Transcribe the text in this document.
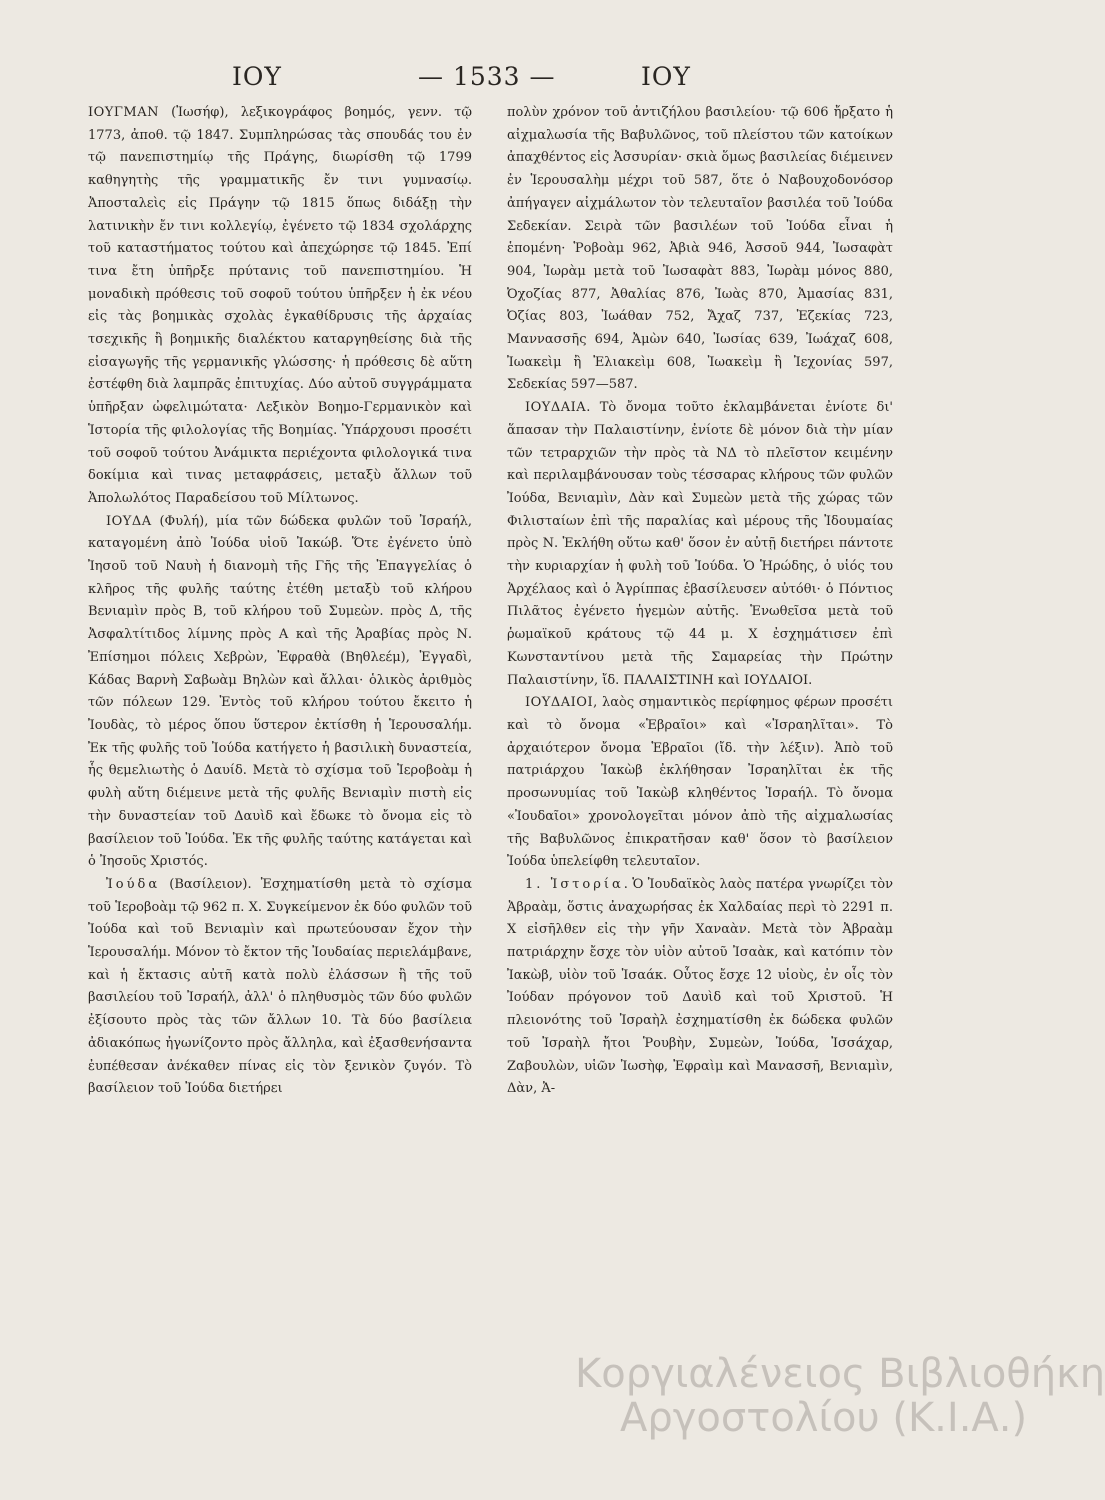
ΙΟΥ	— 1533 —	ΙΟΥ

ΙΟΥΓΜΑΝ (Ἰωσήφ), λεξικογράφος βοημός, γενν. τῷ 1773, ἀποθ. τῷ 1847. Συμπληρώσας τὰς σπουδάς του ἐν τῷ πανεπιστημίῳ τῆς Πράγης, διωρίσθη τῷ 1799 καθηγητὴς τῆς γραμματικῆς ἔν τινι γυμνασίῳ. Ἀποσταλεὶς εἰς Πράγην τῷ 1815 ὅπως διδάξῃ τὴν λατινικὴν ἔν τινι κολλεγίῳ, ἐγένετο τῷ 1834 σχολάρχης τοῦ καταστήματος τούτου καὶ ἀπεχώρησε τῷ 1845. Ἐπί τινα ἔτη ὑπῆρξε πρύτανις τοῦ πανεπιστημίου. Ἡ μοναδικὴ πρόθεσις τοῦ σοφοῦ τούτου ὑπῆρξεν ἡ ἐκ νέου εἰς τὰς βοημικὰς σχολὰς ἐγκαθίδρυσις τῆς ἀρχαίας τσεχικῆς ἢ βοημικῆς διαλέκτου καταργηθείσης διὰ τῆς εἰσαγωγῆς τῆς γερμανικῆς γλώσσης· ἡ πρόθεσις δὲ αὕτη ἐστέφθη διὰ λαμπρᾶς ἐπιτυχίας. Δύο αὐτοῦ συγγράμματα ὑπῆρξαν ὠφελιμώτατα· Λεξικὸν Βοημο-Γερμανικὸν καὶ Ἱστορία τῆς φιλολογίας τῆς Βοημίας. Ὑπάρχουσι προσέτι τοῦ σοφοῦ τούτου Ἀνάμικτα περιέχοντα φιλολογικά τινα δοκίμια καὶ τινας μεταφράσεις, μεταξὺ ἄλλων τοῦ Ἀπολωλότος Παραδείσου τοῦ Μίλτωνος.

ΙΟΥΔΑ (Φυλή), μία τῶν δώδεκα φυλῶν τοῦ Ἰσραήλ, καταγομένη ἀπὸ Ἰούδα υἱοῦ Ἰακώβ. Ὅτε ἐγένετο ὑπὸ Ἰησοῦ τοῦ Ναυὴ ἡ διανομὴ τῆς Γῆς τῆς Ἐπαγγελίας ὁ κλῆρος τῆς φυλῆς ταύτης ἐτέθη μεταξὺ τοῦ κλήρου Βενιαμὶν πρὸς Β, τοῦ κλήρου τοῦ Συμεὼν. πρὸς Δ, τῆς Ἀσφαλτίτιδος λίμνης πρὸς Α καὶ τῆς Ἀραβίας πρὸς Ν. Ἐπίσημοι πόλεις Χεβρὼν, Ἐφραθὰ (Βηθλεέμ), Ἐγγαδὶ, Κάδας Βαρνὴ Σαβωὰμ Βηλὼν καὶ ἄλλαι· ὁλικὸς ἀριθμὸς τῶν πόλεων 129. Ἐντὸς τοῦ κλήρου τούτου ἔκειτο ἡ Ἰουδὰς, τὸ μέρος ὅπου ὕστερον ἐκτίσθη ἡ Ἱερουσαλήμ. Ἐκ τῆς φυλῆς τοῦ Ἰούδα κατήγετο ἡ βασιλικὴ δυναστεία, ἧς θεμελιωτὴς ὁ Δαυίδ. Μετὰ τὸ σχίσμα τοῦ Ἱεροβοὰμ ἡ φυλὴ αὕτη διέμεινε μετὰ τῆς φυλῆς Βενιαμὶν πιστὴ εἰς τὴν δυναστείαν τοῦ Δαυὶδ καὶ ἔδωκε τὸ ὄνομα εἰς τὸ βασίλειον τοῦ Ἰούδα. Ἐκ τῆς φυλῆς ταύτης κατάγεται καὶ ὁ Ἰησοῦς Χριστός.

Ἰούδα (Βασίλειον). Ἐσχηματίσθη μετὰ τὸ σχίσμα τοῦ Ἱεροβοὰμ τῷ 962 π. Χ. Συγκείμενον ἐκ δύο φυλῶν τοῦ Ἰούδα καὶ τοῦ Βενιαμὶν καὶ πρωτεύουσαν ἔχον τὴν Ἱερουσαλήμ. Μόνον τὸ ἔκτον τῆς Ἰουδαίας περιελάμβανε, καὶ ἡ ἔκτασις αὐτῆ κατὰ πολὺ ἐλάσσων ἢ τῆς τοῦ βασιλείου τοῦ Ἰσραήλ, ἀλλ' ὁ πληθυσμὸς τῶν δύο φυλῶν ἐξίσουτο πρὸς τὰς τῶν ἄλλων 10. Τὰ δύο βασίλεια ἀδιακόπως ἠγωνίζοντο πρὸς ἄλληλα, καὶ ἐξασθενήσαντα ἐυπέθεσαν ἀνέκαθεν πίνας εἰς τὸν ξενικὸν ζυγόν. Τὸ βασίλειον τοῦ Ἰούδα διετήρει

πολὺν χρόνον τοῦ ἀντιζήλου βασιλείου· τῷ 606 ἤρξατο ἡ αἰχμαλωσία τῆς Βαβυλῶνος, τοῦ πλείστου τῶν κατοίκων ἀπαχθέντος εἰς Ἀσσυρίαν· σκιὰ ὅμως βασιλείας διέμεινεν ἐν Ἱερουσαλὴμ μέχρι τοῦ 587, ὅτε ὁ Ναβουχοδονόσορ ἀπήγαγεν αἰχμάλωτον τὸν τελευταῖον βασιλέα τοῦ Ἰούδα Σεδεκίαν. Σειρὰ τῶν βασιλέων τοῦ Ἰούδα εἶναι ἡ ἑπομένη· Ῥοβοὰμ 962, Ἀβιὰ 946, Ἀσσοῦ 944, Ἰωσαφὰτ 904, Ἰωρὰμ μετὰ τοῦ Ἰωσαφὰτ 883, Ἰωρὰμ μόνος 880, Ὀχοζίας 877, Ἀθαλίας 876, Ἰωὰς 870, Ἀμασίας 831, Ὀζίας 803, Ἰωάθαν 752, Ἄχαζ 737, Ἐζεκίας 723, Μαννασσῆς 694, Ἀμὼν 640, Ἰωσίας 639, Ἰωάχαζ 608, Ἰωακεὶμ ἢ Ἐλιακεὶμ 608, Ἰωακεὶμ ἢ Ἰεχονίας 597, Σεδεκίας 597—587.

ΙΟΥΔΑΙΑ. Τὸ ὄνομα τοῦτο ἐκλαμβάνεται ἐνίοτε δι' ἅπασαν τὴν Παλαιστίνην, ἐνίοτε δὲ μόνον διὰ τὴν μίαν τῶν τετραρχιῶν τὴν πρὸς τὰ ΝΔ τὸ πλεῖστον κειμένην καὶ περιλαμβάνουσαν τοὺς τέσσαρας κλήρους τῶν φυλῶν Ἰούδα, Βενιαμὶν, Δὰν καὶ Συμεὼν μετὰ τῆς χώρας τῶν Φιλισταίων ἐπὶ τῆς παραλίας καὶ μέρους τῆς Ἰδουμαίας πρὸς Ν. Ἐκλήθη οὕτω καθ' ὅσον ἐν αὐτῇ διετήρει πάντοτε τὴν κυριαρχίαν ἡ φυλὴ τοῦ Ἰούδα. Ὁ Ἡρώδης, ὁ υἱός του Ἀρχέλαος καὶ ὁ Ἀγρίππας ἐβασίλευσεν αὐτόθι· ὁ Πόντιος Πιλᾶτος ἐγένετο ἡγεμὼν αὐτῆς. Ἑνωθεῖσα μετὰ τοῦ ῥωμαϊκοῦ κράτους τῷ 44 μ. Χ ἐσχημάτισεν ἐπὶ Κωνσταντίνου μετὰ τῆς Σαμαρείας τὴν Πρώτην Παλαιστίνην, ἴδ. ΠΑΛΑΙΣΤΙΝΗ καὶ ΙΟΥΔΑΙΟΙ.

ΙΟΥΔΑΙΟΙ, λαὸς σημαντικὸς περίφημος φέρων προσέτι καὶ τὸ ὄνομα «Ἑβραῖοι» καὶ «Ἰσραηλῖται». Τὸ ἀρχαιότερον ὄνομα Ἑβραῖοι (ἴδ. τὴν λέξιν). Ἀπὸ τοῦ πατριάρχου Ἰακὼβ ἐκλήθησαν Ἰσραηλῖται ἐκ τῆς προσωνυμίας τοῦ Ἰακὼβ κληθέντος Ἰσραήλ. Τὸ ὄνομα «Ἰουδαῖοι» χρονολογεῖται μόνον ἀπὸ τῆς αἰχμαλωσίας τῆς Βαβυλῶνος ἐπικρατῆσαν καθ' ὅσον τὸ βασίλειον Ἰούδα ὑπελείφθη τελευταῖον.

1. Ἱστορία. Ὁ Ἰουδαϊκὸς λαὸς πατέρα γνωρίζει τὸν Ἀβραὰμ, ὅστις ἀναχωρήσας ἐκ Χαλδαίας περὶ τὸ 2291 π. Χ εἰσῆλθεν εἰς τὴν γῆν Χαναὰν. Μετὰ τὸν Ἀβραὰμ πατριάρχην ἔσχε τὸν υἱὸν αὐτοῦ Ἰσαὰκ, καὶ κατόπιν τὸν Ἰακὼβ, υἱὸν τοῦ Ἰσαάκ. Οὗτος ἔσχε 12 υἱοὺς, ἐν οἷς τὸν Ἰούδαν πρόγονον τοῦ Δαυὶδ καὶ τοῦ Χριστοῦ. Ἡ πλειονότης τοῦ Ἰσραὴλ ἐσχηματίσθη ἐκ δώδεκα φυλῶν τοῦ Ἰσραὴλ ἤτοι Ῥουβὴν, Συμεὼν, Ἰούδα, Ἰσσάχαρ, Ζαβουλὼν, υἱῶν Ἰωσὴφ, Ἐφραὶμ καὶ Μανασσῆ, Βενιαμὶν, Δὰν, Ἀ-

Κοργιαλένειος Βιβλιοθήκη
Αργοστολίου (Κ.Ι.Α.)
